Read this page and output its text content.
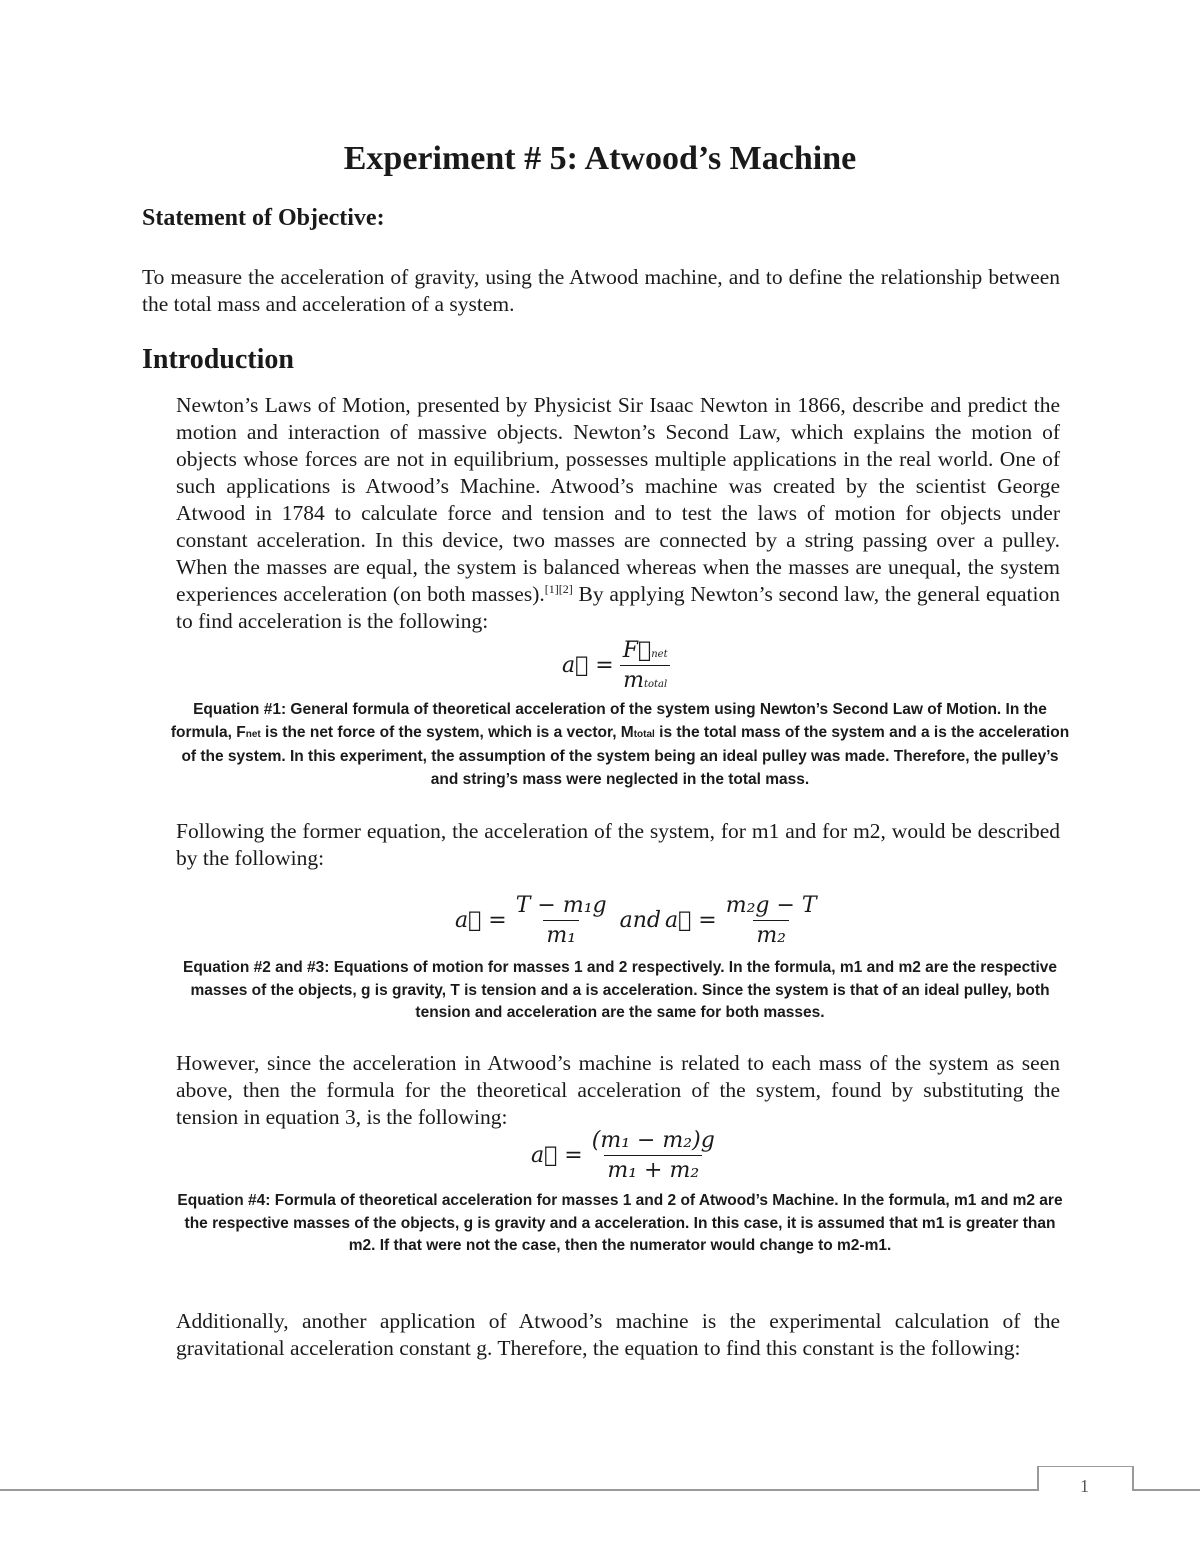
Experiment # 5: Atwood’s Machine
Statement of Objective:
To measure the acceleration of gravity, using the Atwood machine, and to define the relationship between the total mass and acceleration of a system.
Introduction
Newton’s Laws of Motion, presented by Physicist Sir Isaac Newton in 1866, describe and predict the motion and interaction of massive objects. Newton’s Second Law, which explains the motion of objects whose forces are not in equilibrium, possesses multiple applications in the real world. One of such applications is Atwood’s Machine. Atwood’s machine was created by the scientist George Atwood in 1784 to calculate force and tension and to test the laws of motion for objects under constant acceleration. In this device, two masses are connected by a string passing over a pulley. When the masses are equal, the system is balanced whereas when the masses are unequal, the system experiences acceleration (on both masses).[1][2] By applying Newton’s second law, the general equation to find acceleration is the following:
a⃗ = $\frac{\text{F⃗net}}{\text{mtotal}}$
Equation #1: General formula of theoretical acceleration of the system using Newton’s Second Law of Motion. In the formula, Fnet is the net force of the system, which is a vector, Mtotal is the total mass of the system and a is the acceleration of the system. In this experiment, the assumption of the system being an ideal pulley was made. Therefore, the pulley’s and string’s mass were neglected in the total mass.
Following the former equation, the acceleration of the system, for m1 and for m2, would be described by the following:
a⃗ = $\frac{\text{T − m₁g}}{\text{m₁}}$ and a⃗ = $\frac{\text{m₂g − T}}{\text{m₂}}$
Equation #2 and #3: Equations of motion for masses 1 and 2 respectively. In the formula, m1 and m2 are the respective masses of the objects, g is gravity, T is tension and a is acceleration. Since the system is that of an ideal pulley, both tension and acceleration are the same for both masses.
However, since the acceleration in Atwood’s machine is related to each mass of the system as seen above, then the formula for the theoretical acceleration of the system, found by substituting the tension in equation 3, is the following:
a⃗ = $\frac{\text{(m₁ − m₂)g}}{\text{m₁ + m₂}}$
Equation #4: Formula of theoretical acceleration for masses 1 and 2 of Atwood’s Machine. In the formula, m1 and m2 are the respective masses of the objects, g is gravity and a acceleration. In this case, it is assumed that m1 is greater than m2. If that were not the case, then the numerator would change to m2-m1.
Additionally, another application of Atwood’s machine is the experimental calculation of the gravitational acceleration constant g. Therefore, the equation to find this constant is the following:
1
